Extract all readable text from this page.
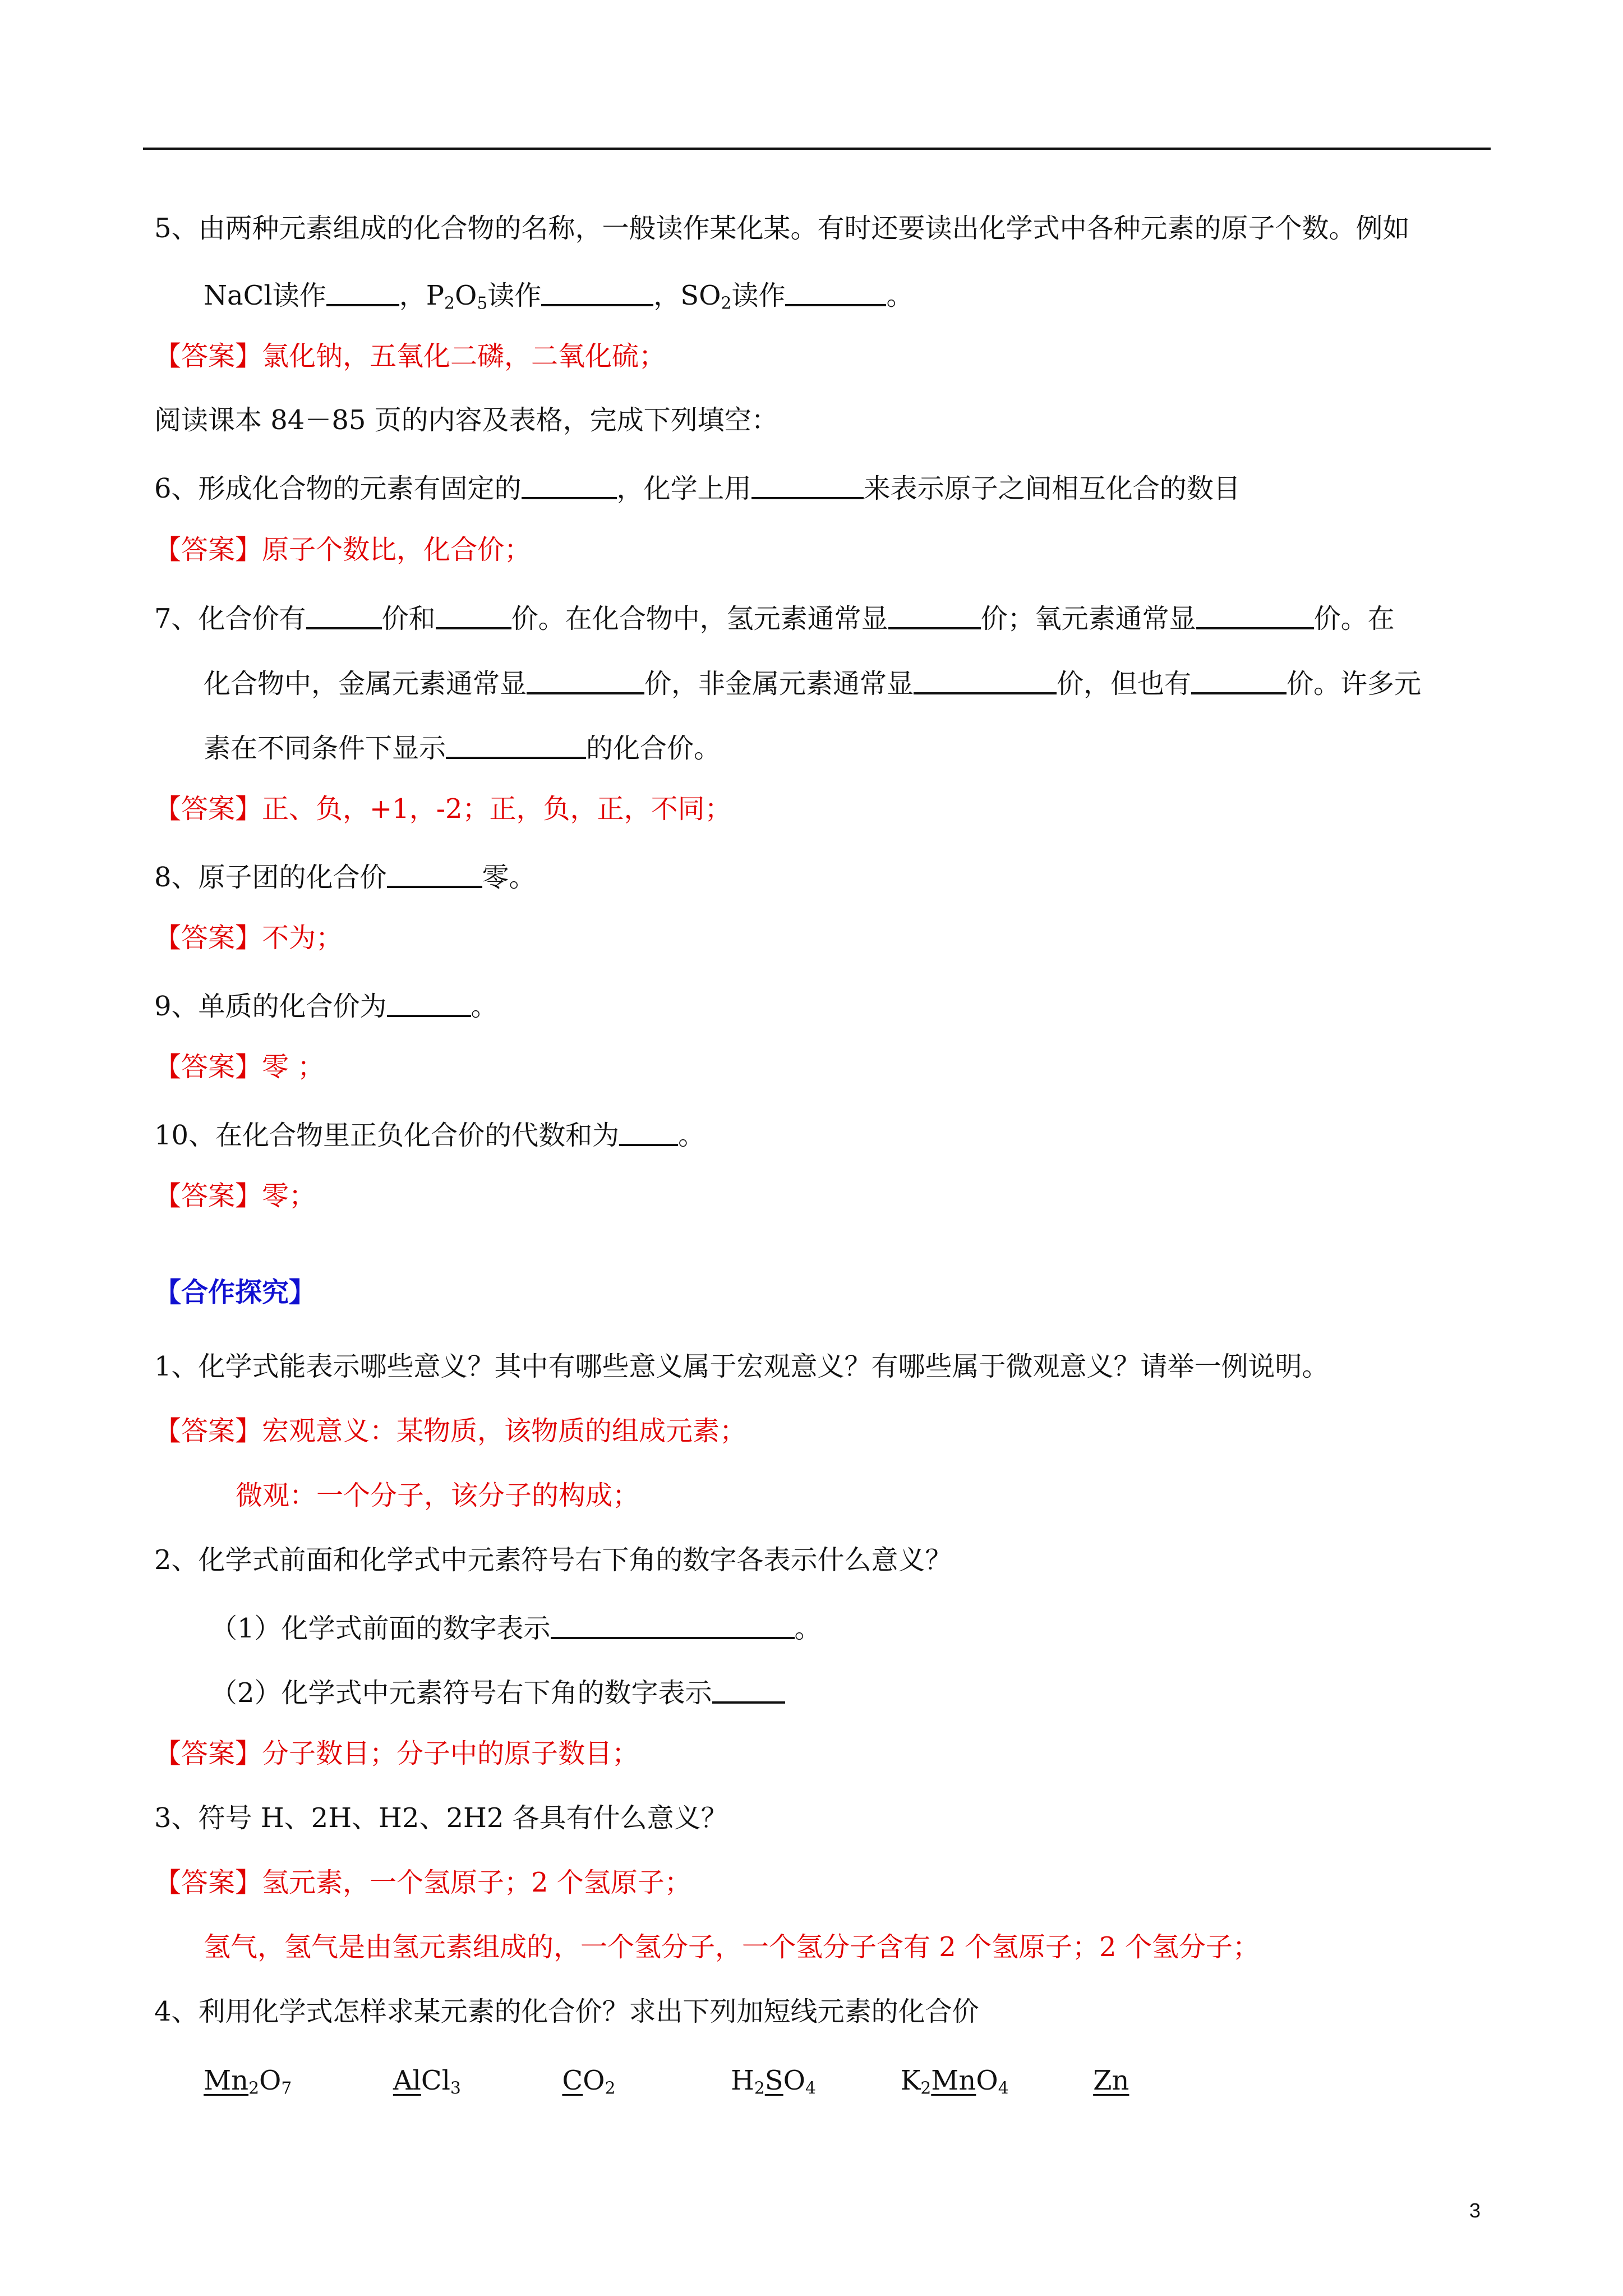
5、由两种元素组成的化合物的名称，一般读作某化某。有时还要读出化学式中各种元素的原子个数。例如
NaCl读作	，$P_2O_5$读作	，$SO_2$读作	。
【答案】氯化钠，五氧化二磷，二氧化硫；
阅读课本 84－85 页的内容及表格，完成下列填空：
6、形成化合物的元素有固定的	，化学上用	来表示原子之间相互化合的数目
【答案】原子个数比，化合价；
7、化合价有	价和	价。在化合物中，氢元素通常显	价；氧元素通常显	价。在
化合物中，金属元素通常显	价，非金属元素通常显	价，但也有	价。许多元
素在不同条件下显示	的化合价。
【答案】正、负，+1，-2；正，负，正，不同；
8、原子团的化合价	零。
【答案】不为；
9、单质的化合价为	。
【答案】零 ；
10、在化合物里正负化合价的代数和为 。
【答案】零；
【合作探究】
1、化学式能表示哪些意义？其中有哪些意义属于宏观意义？有哪些属于微观意义？请举一例说明。
【答案】宏观意义：某物质，该物质的组成元素；
微观：一个分子，该分子的构成；
2、化学式前面和化学式中元素符号右下角的数字各表示什么意义？
（1）化学式前面的数字表示	。
（2）化学式中元素符号右下角的数字表示
【答案】分子数目；分子中的原子数目；
3、符号 H、2H、H2、2H2 各具有什么意义？
【答案】氢元素，一个氢原子；2 个氢原子；
氢气，氢气是由氢元素组成的，一个氢分子，一个氢分子含有 2 个氢原子；2 个氢分子；
4、利用化学式怎样求某元素的化合价？求出下列加短线元素的化合价
$Mn_2O_7$	AlCl$_3$	$CO_2$	$H_2SO_4$	$K_2MnO_4$	Zn
3
